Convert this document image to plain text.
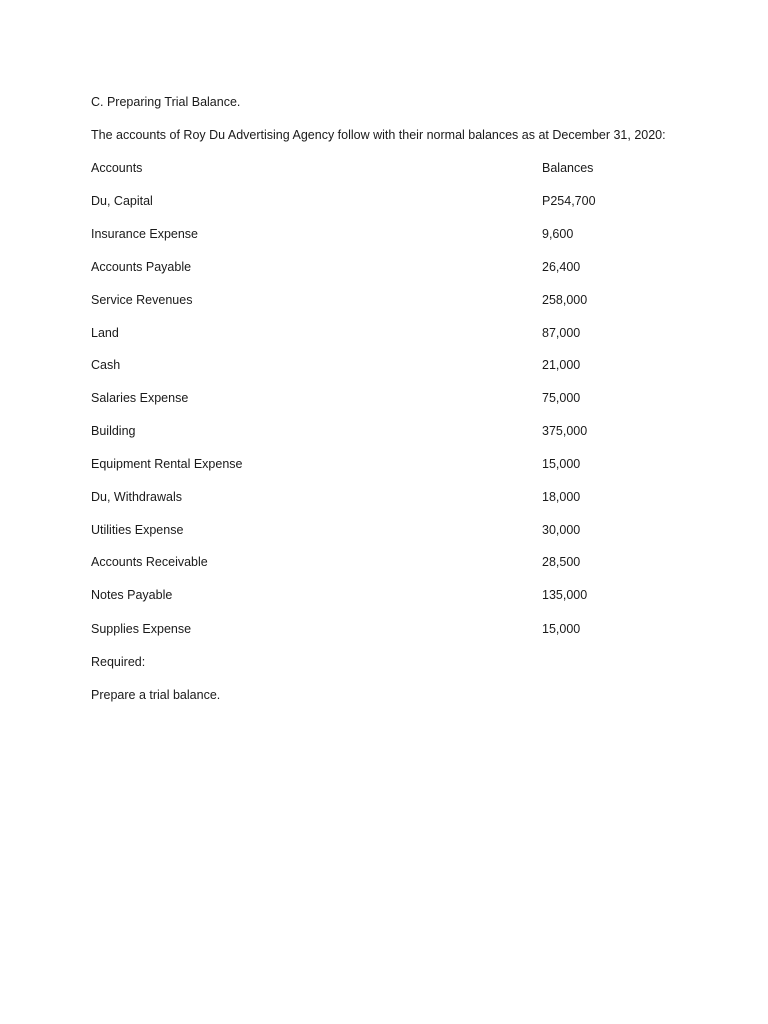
C. Preparing Trial Balance.
The accounts of Roy Du Advertising Agency follow with their normal balances as at December 31, 2020:
Accounts	Balances
Du, Capital	P254,700
Insurance Expense	9,600
Accounts Payable	26,400
Service Revenues	258,000
Land	87,000
Cash	21,000
Salaries Expense	75,000
Building	375,000
Equipment Rental Expense	15,000
Du, Withdrawals	18,000
Utilities Expense	30,000
Accounts Receivable	28,500
Notes Payable	135,000
Supplies Expense	15,000
Required:
Prepare a trial balance.
